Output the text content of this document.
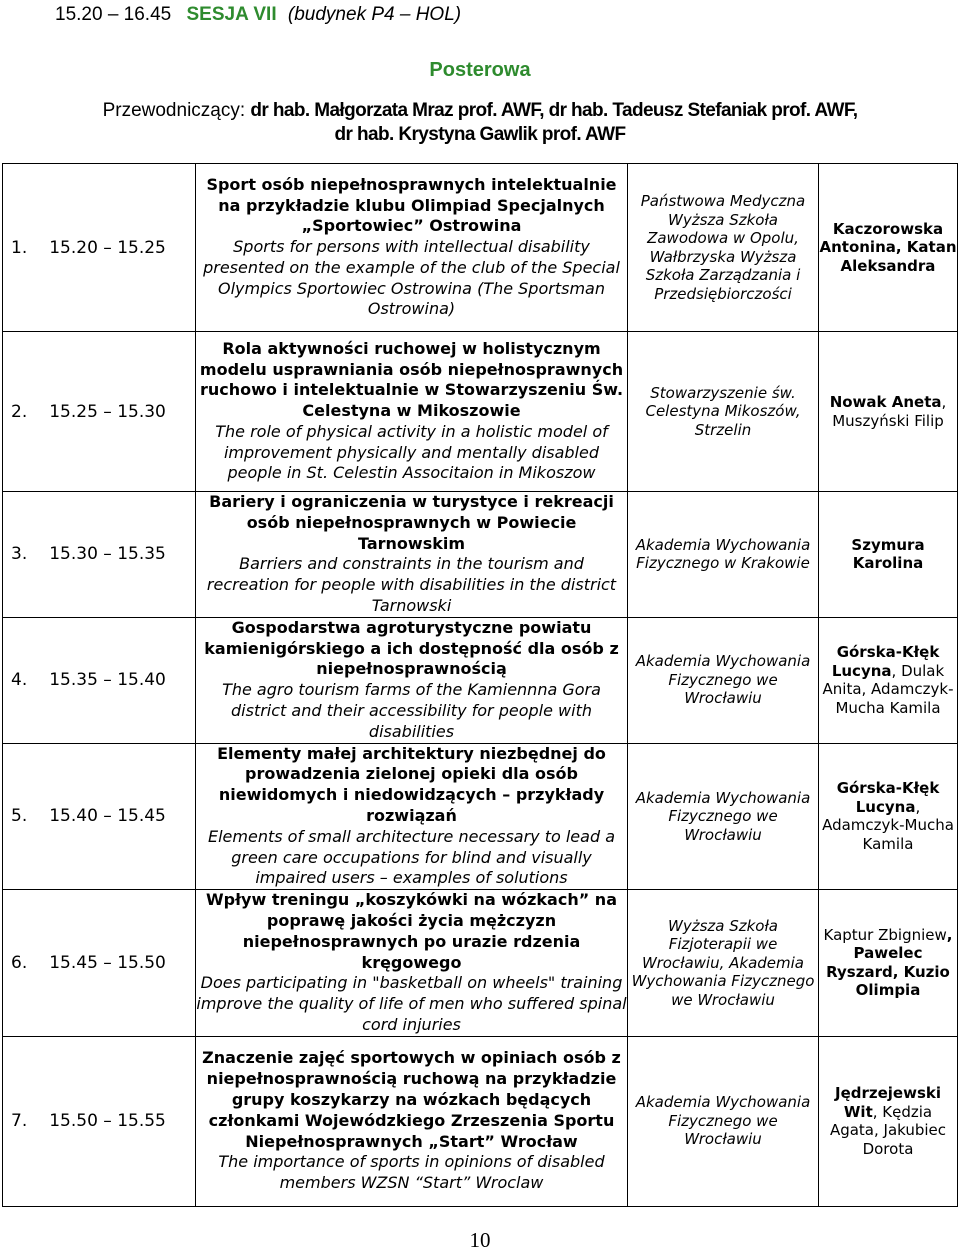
15.20 – 16.45 SESJA VII (budynek P4 – HOL)
Posterowa
Przewodniczący: dr hab. Małgorzata Mraz prof. AWF, dr hab. Tadeusz Stefaniak prof. AWF,
dr hab. Krystyna Gawlik prof. AWF
1. 15.20 – 15.25	Sport osób niepełnosprawnych intelektualnie na przykładzie klubu Olimpiad Specjalnych „Sportowiec” Ostrowina
Sports for persons with intellectual disability presented on the example of the club of the Special Olympics Sportowiec Ostrowina (The Sportsman Ostrowina)	Państwowa Medyczna Wyższa Szkoła Zawodowa w Opolu, Wałbrzyska Wyższa Szkoła Zarządzania i Przedsiębiorczości	Kaczorowska Antonina, Katan Aleksandra
2. 15.25 – 15.30	Rola aktywności ruchowej w holistycznym modelu usprawniania osób niepełnosprawnych ruchowo i intelektualnie w Stowarzyszeniu Św. Celestyna w Mikoszowie
The role of physical activity in a holistic model of improvement physically and mentally disabled people in St. Celestin Associtaion in Mikoszow	Stowarzyszenie św. Celestyna Mikoszów, Strzelin	Nowak Aneta, Muszyński Filip
3. 15.30 – 15.35	Bariery i ograniczenia w turystyce i rekreacji osób niepełnosprawnych w Powiecie Tarnowskim
Barriers and constraints in the tourism and recreation for people with disabilities in the district Tarnowski	Akademia Wychowania Fizycznego w Krakowie	Szymura Karolina
4. 15.35 – 15.40	Gospodarstwa agroturystyczne powiatu kamienigórskiego a ich dostępność dla osób z niepełnosprawnością
The agro tourism farms of the Kamiennna Gora district and their accessibility for people with disabilities	Akademia Wychowania Fizycznego we Wrocławiu	Górska-Kłęk Lucyna, Dulak Anita, Adamczyk-Mucha Kamila
5. 15.40 – 15.45	Elementy małej architektury niezbędnej do prowadzenia zielonej opieki dla osób niewidomych i niedowidzących – przykłady rozwiązań
Elements of small architecture necessary to lead a green care occupations for blind and visually impaired users – examples of solutions	Akademia Wychowania Fizycznego we Wrocławiu	Górska-Kłęk Lucyna, Adamczyk-Mucha Kamila
6. 15.45 – 15.50	Wpływ treningu „koszykówki na wózkach” na poprawę jakości życia mężczyzn niepełnosprawnych po urazie rdzenia kręgowego
Does participating in "basketball on wheels" training improve the quality of life of men who suffered spinal cord injuries	Wyższa Szkoła Fizjoterapii we Wrocławiu, Akademia Wychowania Fizycznego we Wrocławiu	Kaptur Zbigniew, Pawelec Ryszard, Kuzio Olimpia
7. 15.50 – 15.55	Znaczenie zajęć sportowych w opiniach osób z niepełnosprawnością ruchową na przykładzie grupy koszykarzy na wózkach będących członkami Wojewódzkiego Zrzeszenia Sportu Niepełnosprawnych „Start” Wrocław
The importance of sports in opinions of disabled members WZSN “Start” Wroclaw	Akademia Wychowania Fizycznego we Wrocławiu	Jędrzejewski Wit, Kędzia Agata, Jakubiec Dorota
10
